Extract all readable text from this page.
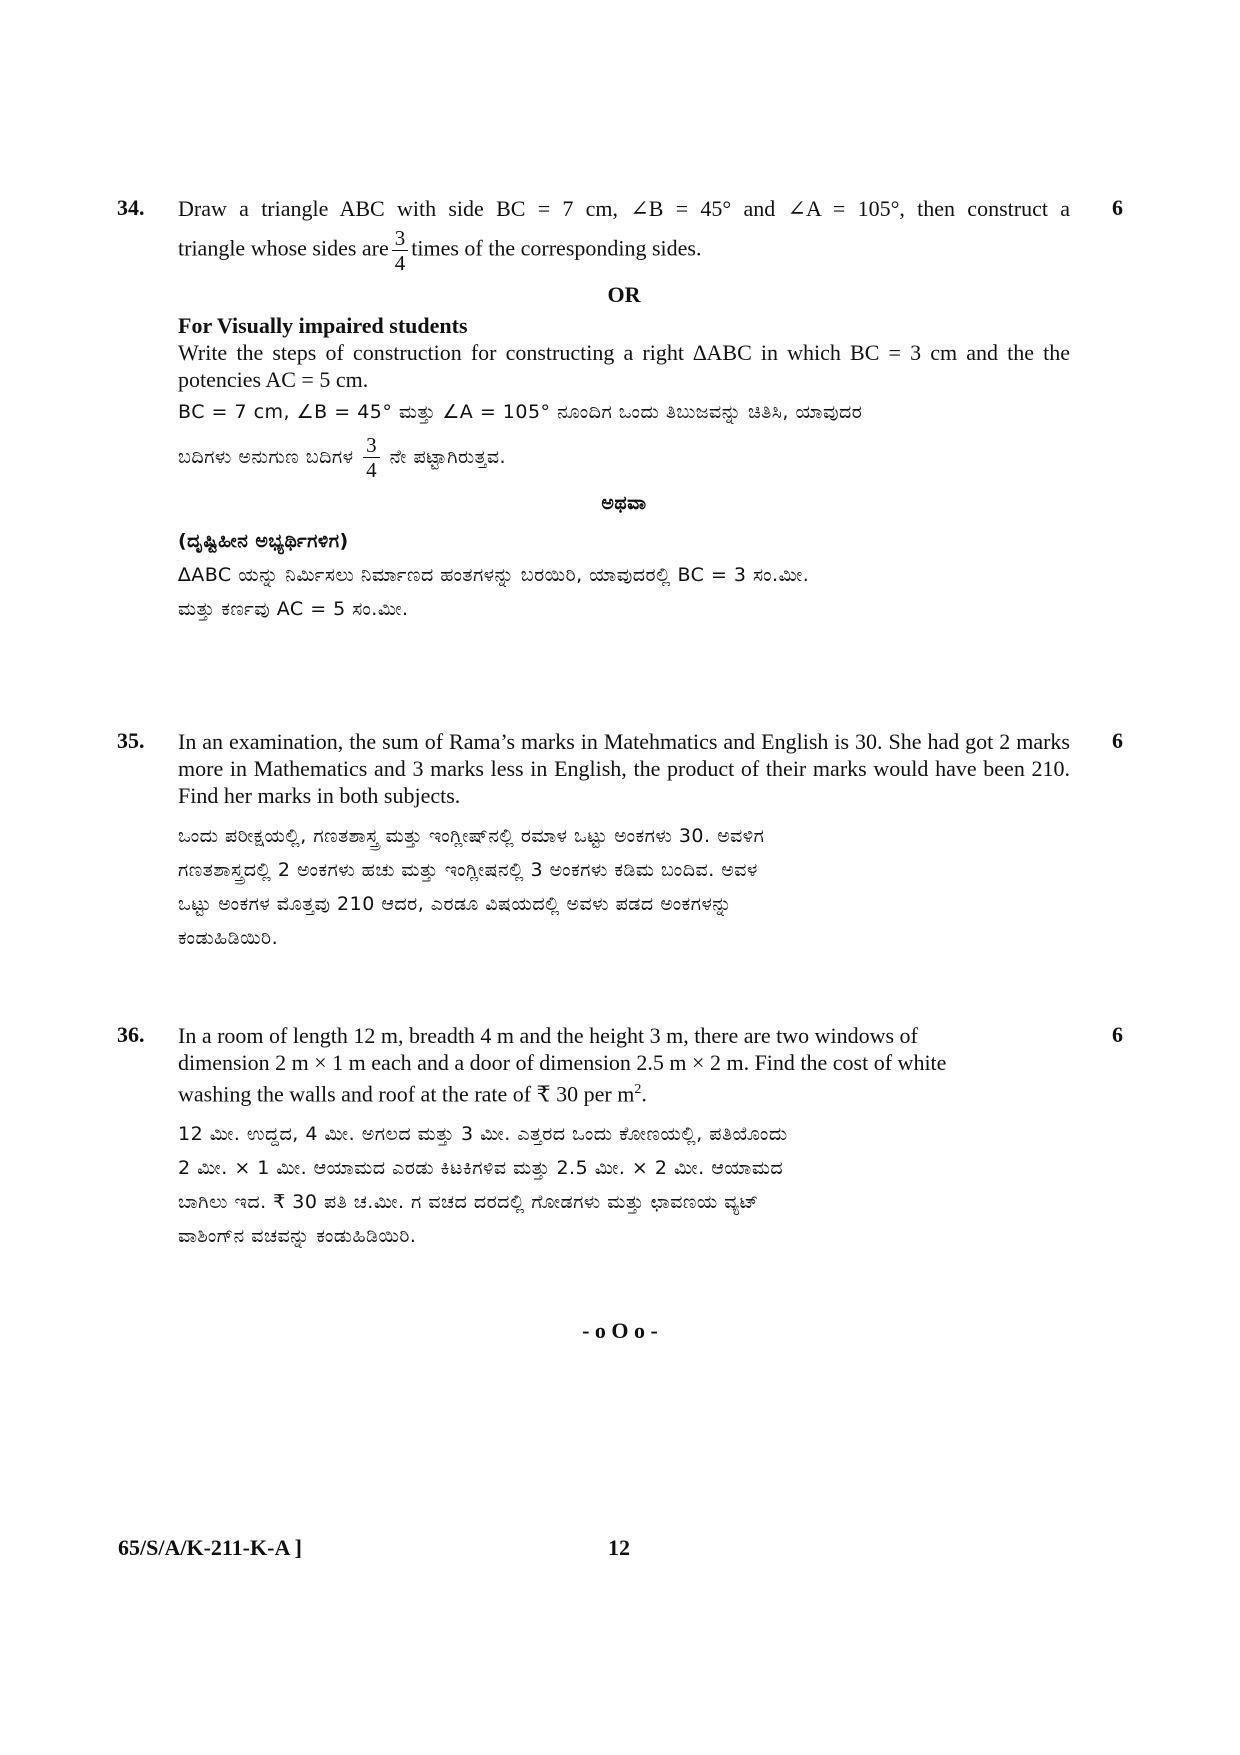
34.	6

Draw a triangle ABC with side BC = 7 cm, ∠B = 45° and ∠A = 105°, then construct a

triangle whose sides are $\frac{3}{4}$ times of the corresponding sides.

OR

For Visually impaired students

Write the steps of construction for constructing a right ∆ABC in which BC = 3 cm and the the potencies AC = 5 cm.

BC = 7 cm, ∠B = 45° ಮತ್ತು ∠A = 105° ನೂಂದಿಗ ಒಂದು ತಿಬುಜವನ್ನು ಚಿತಿಸಿ, ಯಾವುದರ

ಬದಿಗಳು ಅನುಗುಣ ಬದಿಗಳ $\frac{3}{4}$ ನೇ ಪಟ್ಟಾಗಿರುತ್ತವ.

ಅಥವಾ

(ದೃಷ್ಟಿಹೀನ ಅಭ್ಯರ್ಥಿಗಳಿಗ)

∆ABC ಯನ್ನು ನಿರ್ಮಿಸಲು ನಿರ್ಮಾಣದ ಹಂತಗಳನ್ನು ಬರಯಿರಿ, ಯಾವುದರಲ್ಲಿ BC = 3 ಸಂ.ಮೀ.

ಮತ್ತು ಕರ್ಣವು AC = 5 ಸಂ.ಮೀ.

35.	6

In an examination, the sum of Rama’s marks in Matehmatics and English is 30. She had got 2 marks more in Mathematics and 3 marks less in English, the product of their marks would have been 210. Find her marks in both subjects.

ಒಂದು ಪರೀಕ್ಷಯಲ್ಲಿ, ಗಣತಶಾಸ್ತ್ರ ಮತ್ತು ಇಂಗ್ಲೀಷ್‌ನಲ್ಲಿ ರಮಾಳ ಒಟ್ಟು ಅಂಕಗಳು 30. ಅವಳಿಗ

ಗಣತಶಾಸ್ತ್ರದಲ್ಲಿ 2 ಅಂಕಗಳು ಹಚು ಮತ್ತು ಇಂಗ್ಲೀಷನಲ್ಲಿ 3 ಅಂಕಗಳು ಕಡಿಮ ಬಂದಿವ. ಅವಳ

ಒಟ್ಟು ಅಂಕಗಳ ಮೊತ್ತವು 210 ಆದರ, ಎರಡೂ ವಿಷಯದಲ್ಲಿ ಅವಳು ಪಡದ ಅಂಕಗಳನ್ನು

ಕಂಡುಹಿಡಿಯಿರಿ.

36.	6

In a room of length 12 m, breadth 4 m and the height 3 m, there are two windows of

dimension 2 m × 1 m each and a door of dimension 2.5 m × 2 m. Find the cost of white

washing the walls and roof at the rate of ₹ 30 per $m^2$.

12 ಮೀ. ಉದ್ದದ, 4 ಮೀ. ಅಗಲದ ಮತ್ತು 3 ಮೀ. ಎತ್ತರದ ಒಂದು ಕೋಣಯಲ್ಲಿ, ಪತಿಯೊಂದು

2 ಮೀ. × 1 ಮೀ. ಆಯಾಮದ ಎರಡು ಕಿಟಕಿಗಳಿವ ಮತ್ತು 2.5 ಮೀ. × 2 ಮೀ. ಆಯಾಮದ

ಬಾಗಿಲು ಇದ. ₹ 30 ಪತಿ ಚ.ಮೀ. ಗ ವಚದ ದರದಲ್ಲಿ ಗೋಡಗಳು ಮತ್ತು ಛಾವಣಯ ವ್ಯಟ್

ವಾಶಿಂಗ್‌ನ ವಚವನ್ನು ಕಂಡುಹಿಡಿಯಿರಿ.

- o O o -
65/S/A/K-211-K-A ]	12
